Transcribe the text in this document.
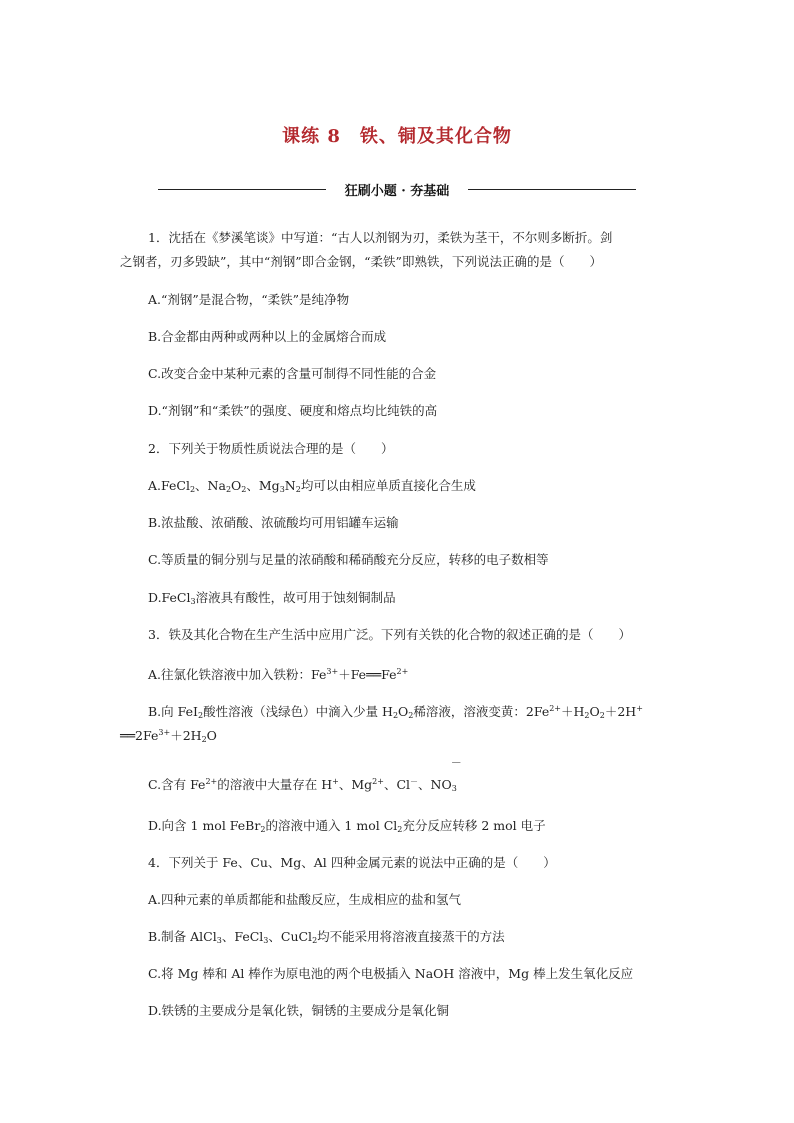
课练 8　铁、铜及其化合物
狂刷小题 · 夯基础
1．沈括在《梦溪笔谈》中写道：“古人以剂钢为刃，柔铁为茎干，不尔则多断折。剑
之钢者，刃多毁缺”，其中“剂钢”即合金钢，“柔铁”即熟铁，下列说法正确的是（　　）
A.“剂钢”是混合物，“柔铁”是纯净物
B.合金都由两种或两种以上的金属熔合而成
C.改变合金中某种元素的含量可制得不同性能的合金
D.“剂钢”和“柔铁”的强度、硬度和熔点均比纯铁的高
2．下列关于物质性质说法合理的是（　　）
A.FeCl$_2$、$Na_2O_2$、$Mg_3N_2$均可以由相应单质直接化合生成
B.浓盐酸、浓硝酸、浓硫酸均可用铝罐车运输
C.等质量的铜分别与足量的浓硝酸和稀硝酸充分反应，转移的电子数相等
D.FeCl$_3$溶液具有酸性，故可用于蚀刻铜制品
3．铁及其化合物在生产生活中应用广泛。下列有关铁的化合物的叙述正确的是（　　）
A.往氯化铁溶液中加入铁粉：$Fe^{3+}+Fe══Fe^{2+}$
B.向 FeI$_2$酸性溶液（浅绿色）中滴入少量 $H_2O_2$稀溶液，溶液变黄：$2Fe^{2+}+H_2O_2+2H^+$
$══2Fe^{3+}+2H_2O$
C.含有 $Fe^{2+}$的溶液中大量存在 H+、$Mg^{2+}$、Cl－、$NO_3$
－
D.向含 1 mol FeBr$_2$的溶液中通入 1 mol $Cl_2$充分反应转移 2 mol 电子
4．下列关于 Fe、Cu、Mg、Al 四种金属元素的说法中正确的是（　　）
A.四种元素的单质都能和盐酸反应，生成相应的盐和氢气
B.制备 AlCl$_3$、FeCl$_3$、CuCl$_2$均不能采用将溶液直接蒸干的方法
C.将 Mg 棒和 Al 棒作为原电池的两个电极插入 NaOH 溶液中，Mg 棒上发生氧化反应
D.铁锈的主要成分是氧化铁，铜锈的主要成分是氧化铜
